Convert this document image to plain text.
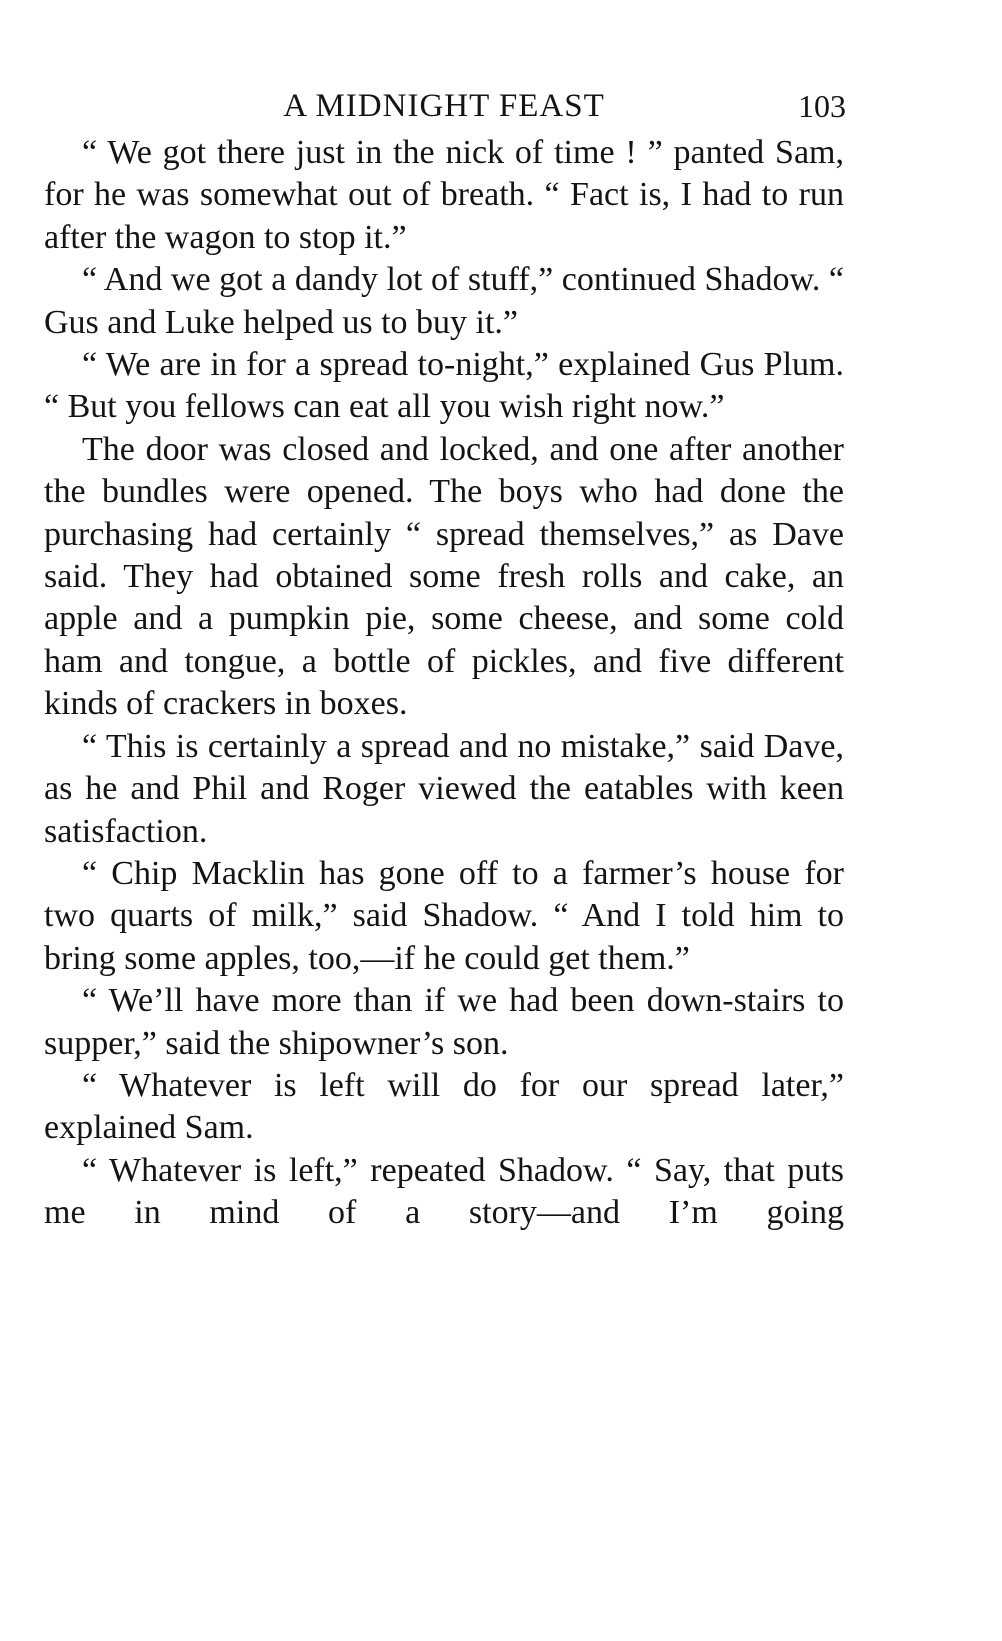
A MIDNIGHT FEAST	103

“ We got there just in the nick of time ! ” panted Sam, for he was somewhat out of breath. “ Fact is, I had to run after the wagon to stop it.”

“ And we got a dandy lot of stuff,” continued Shadow. “ Gus and Luke helped us to buy it.”

“ We are in for a spread to-night,” explained Gus Plum. “ But you fellows can eat all you wish right now.”

The door was closed and locked, and one after another the bundles were opened. The boys who had done the purchasing had certainly “ spread themselves,” as Dave said. They had obtained some fresh rolls and cake, an apple and a pumpkin pie, some cheese, and some cold ham and tongue, a bottle of pickles, and five different kinds of crackers in boxes.

“ This is certainly a spread and no mistake,” said Dave, as he and Phil and Roger viewed the eatables with keen satisfaction.

“ Chip Macklin has gone off to a farmer’s house for two quarts of milk,” said Shadow. “ And I told him to bring some apples, too,—if he could get them.”

“ We’ll have more than if we had been down-stairs to supper,” said the shipowner’s son.

“ Whatever is left will do for our spread later,” explained Sam.

“ Whatever is left,” repeated Shadow. “ Say, that puts me in mind of a story—and I’m going
